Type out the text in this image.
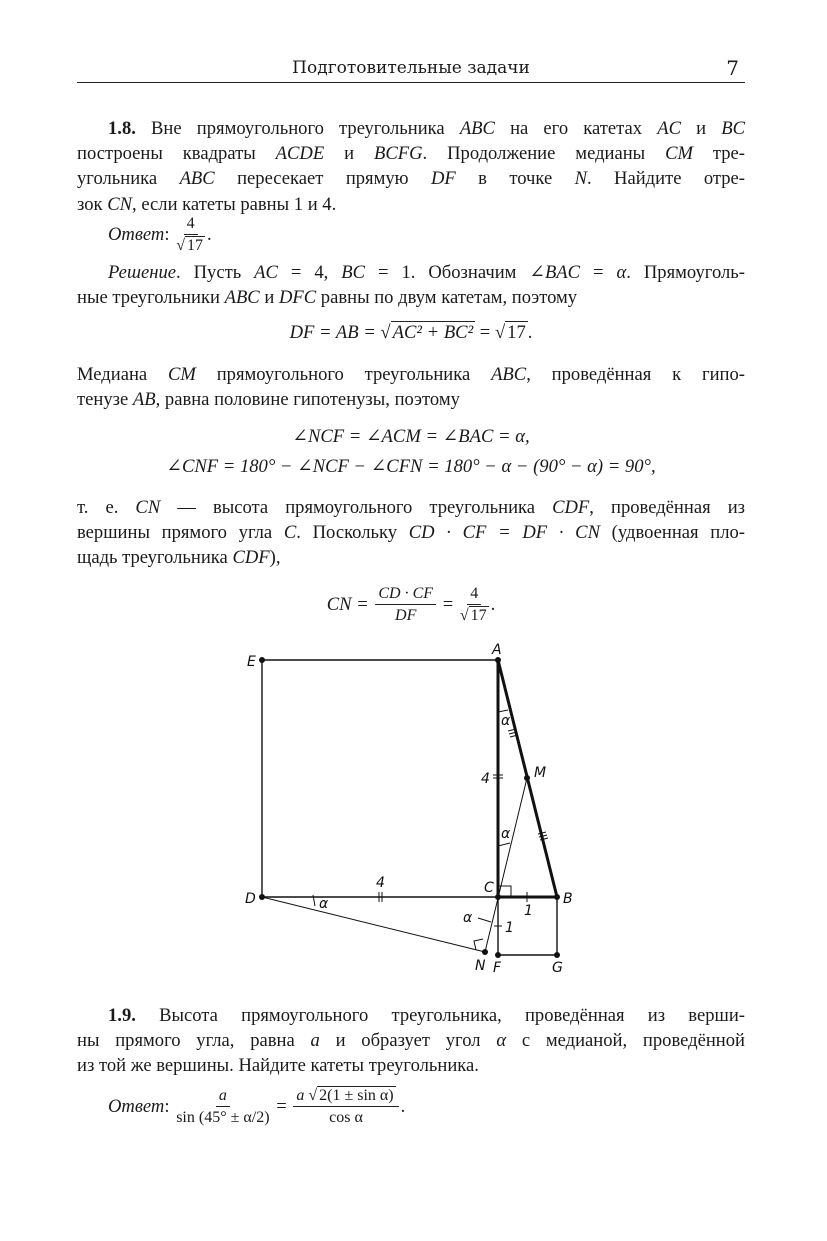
Подготовительные задачи	7
1.8. Вне прямоугольного треугольника ABC на его катетах AC и BC
построены квадраты ACDE и BCFG. Продолжение медианы CM тре-
угольника ABC пересекает прямую DF в точке N. Найдите отре-
зок CN, если катеты равны 1 и 4.
Ответ: $\frac{4}{√ 17}$ .
Решение. Пусть AC = 4, BC = 1. Обозначим ∠BAC = α. Прямоуголь-
ные треугольники ABC и DFC равны по двум катетам, поэтому
DF = AB = √ AC² + BC² = √ 17 .
Медиана CM прямоугольного треугольника ABC, проведённая к гипо-
тенузе AB, равна половине гипотенузы, поэтому
∠NCF = ∠ACM = ∠BAC = α,
∠CNF = 180° − ∠NCF − ∠CFN = 180° − α − (90° − α) = 90°,
т. е. CN — высота прямоугольного треугольника CDF, проведённая из
вершины прямого угла C. Поскольку CD · CF = DF · CN (удвоенная пло-
щадь треугольника CDF),
CN = $\frac{CD \cdot CF}{DF} = \frac{4}{√ 17}$ .
E
A
D
C
B
F	G
N
M
α
α
α
α
4
4
1
1
1.9. Высота прямоугольного треугольника, проведённая из верши-
ны прямого угла, равна a и образует угол α с медианой, проведённой
из той же вершины. Найдите катеты треугольника.
Ответ: $\frac{a}{\sin (45^\circ \pm \alpha/2)} = \frac{\text{a √ 2(1 ± sin α)}}{\text{cos α}}$ .
